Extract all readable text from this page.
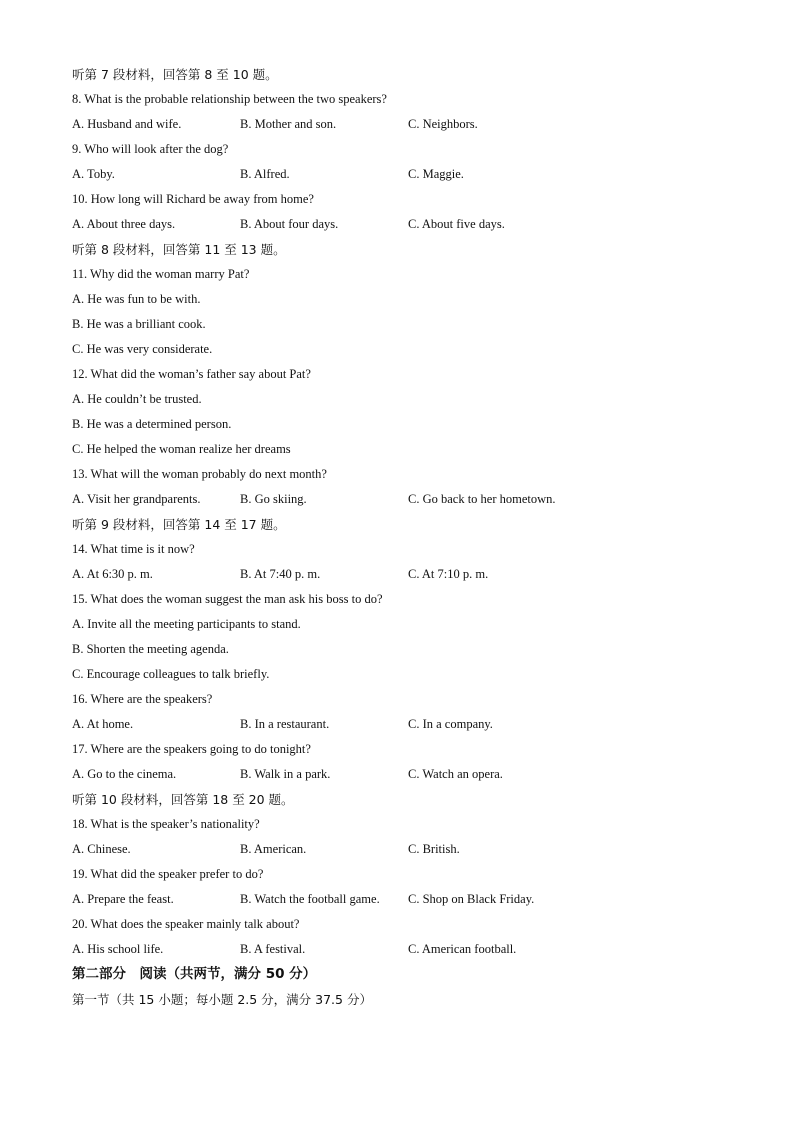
听第 7 段材料，回答第 8 至 10 题。
8. What is the probable relationship between the two speakers?
A. Husband and wife.	B. Mother and son.	C. Neighbors.
9. Who will look after the dog?
A. Toby.	B. Alfred.	C. Maggie.
10. How long will Richard be away from home?
A. About three days.	B. About four days.	C. About five days.
听第 8 段材料，回答第 11 至 13 题。
11. Why did the woman marry Pat?
A. He was fun to be with.
B. He was a brilliant cook.
C. He was very considerate.
12. What did the woman’s father say about Pat?
A. He couldn’t be trusted.
B. He was a determined person.
C. He helped the woman realize her dreams
13. What will the woman probably do next month?
A. Visit her grandparents.	B. Go skiing.	C. Go back to her hometown.
听第 9 段材料，回答第 14 至 17 题。
14. What time is it now?
A. At 6:30 p. m.	B. At 7:40 p. m.	C. At 7:10 p. m.
15. What does the woman suggest the man ask his boss to do?
A. Invite all the meeting participants to stand.
B. Shorten the meeting agenda.
C. Encourage colleagues to talk briefly.
16. Where are the speakers?
A. At home.	B. In a restaurant.	C. In a company.
17. Where are the speakers going to do tonight?
A. Go to the cinema.	B. Walk in a park.	C. Watch an opera.
听第 10 段材料，回答第 18 至 20 题。
18. What is the speaker’s nationality?
A. Chinese.	B. American.	C. British.
19. What did the speaker prefer to do?
A. Prepare the feast.	B. Watch the football game. C. Shop on Black Friday.
20. What does the speaker mainly talk about?
A. His school life.	B. A festival.	C. American football.
第二部分　阅读（共两节，满分 50 分）
第一节（共 15 小题；每小题 2.5 分，满分 37.5 分）
